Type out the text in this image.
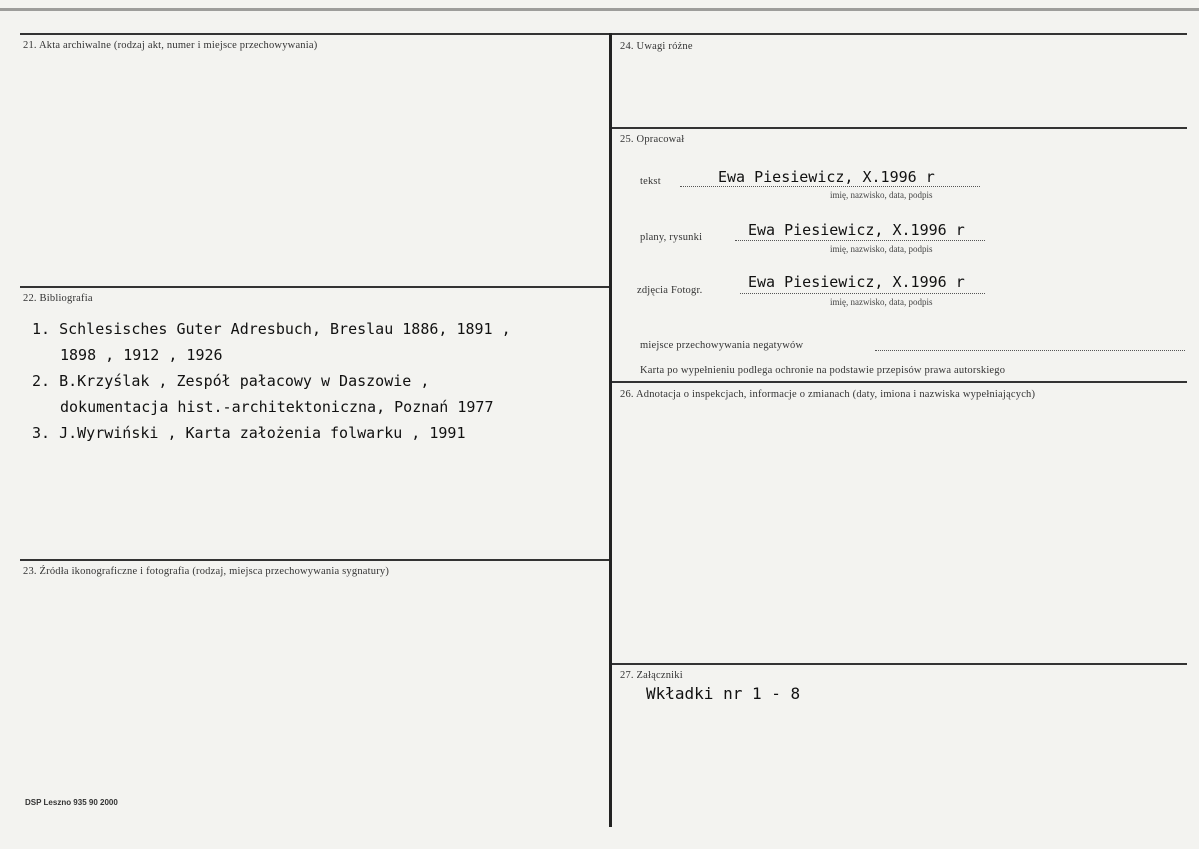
21. Akta archiwalne (rodzaj akt, numer i miejsce przechowywania)
22. Bibliografia
1. Schlesisches Guter Adresbuch, Breslau 1886, 1891 ,
1898 , 1912 , 1926
2. B.Krzyślak , Zespół pałacowy w Daszowie ,
dokumentacja hist.-architektoniczna, Poznań 1977
3. J.Wyrwiński , Karta założenia folwarku , 1991
23. Źródła ikonograficzne i fotografia (rodzaj, miejsca przechowywania sygnatury)
DSP Leszno 935 90 2000
24. Uwagi różne
25. Opracował
tekst	Ewa Piesiewicz, X.1996 r
imię, nazwisko, data, podpis
plany, rysunki	Ewa Piesiewicz, X.1996 r
imię, nazwisko, data, podpis
zdjęcia Fotogr.	Ewa Piesiewicz, X.1996 r
imię, nazwisko, data, podpis
miejsce przechowywania negatywów
Karta po wypełnieniu podlega ochronie na podstawie przepisów prawa autorskiego
26. Adnotacja o inspekcjach, informacje o zmianach (daty, imiona i nazwiska wypełniających)
27. Załączniki
Wkładki nr 1 - 8
